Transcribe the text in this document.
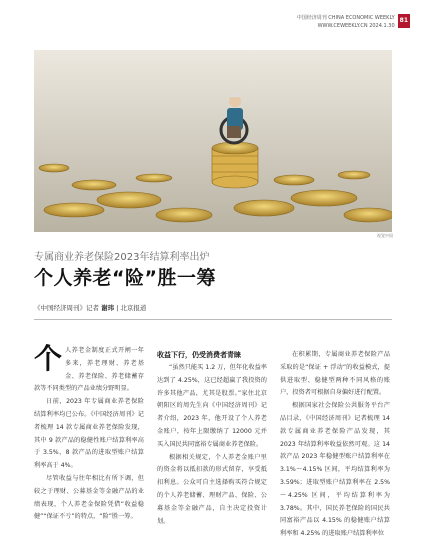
中国经济周刊 CHINA ECONOMIC WEEKLY
WWW.CEWEEKLY.CN 2024.1.30
81
视觉中国
专属商业养老保险2023年结算利率出炉
个人养老“险”胜一筹
《中国经济周刊》记者 谢玮 | 北京报道

个人养老金制度正式开闸一年多来，养老理财、养老基金、养老保险、养老储蓄存款等不同类型的产品业绩分野明显。

日前，2023 年专属商业养老保险结算利率均已公布。《中国经济周刊》记者梳理 14 款专属商业养老保险发现，其中 9 款产品的稳健性账户结算利率高于 3.5%，8 款产品的进取型账户结算利率高于 4%。

尽管收益与往年相比有所下调，但较之于理财、公募基金等金融产品的业绩表现，个人养老金保险凭借“收益稳健”“保证不亏”的特点，“险”胜一筹。

收益下行，仍受消费者青睐

“虽然只能买 1.2 万，但年化收益率达到了 4.25%，这已经超赢了我投资的许多其他产品，尤其是股票。”家住北京朝阳区的周先生向《中国经济周刊》记者介绍，2023 年，他开设了个人养老金账户，按年上限缴纳了 12000 元并买入国民共同富裕专属商业养老保险。

根据相关规定，个人养老金账户里的资金将以抵扣款的形式留存，享受抵扣利息。公众可自主选择购买符合规定的个人养老储蓄、理财产品、保险、公募基金等金融产品，自主决定投资计划。

在积累期，专属商业养老保险产品采取的是“保证 + 浮动”的收益模式，提供进取型、稳健型两种不同风格的账户，投资者可根据自身偏好进行配置。

根据国家社会保险公共服务平台产品目录，《中国经济周刊》记者梳理 14 款专属商业养老保险产品发现，其 2023 年结算利率收益依然可观。这 14 款产品 2023 年稳健型账户结算利率在 3.1%～4.15% 区间，平均结算利率为 3.59%；进取型账户结算利率在 2.5%～4.25% 区间，平均结算利率为 3.78%。其中，国民养老保险的国民共同富裕产品以 4.15% 的稳健账户结算利率和 4.25% 的进取账户结算利率位
